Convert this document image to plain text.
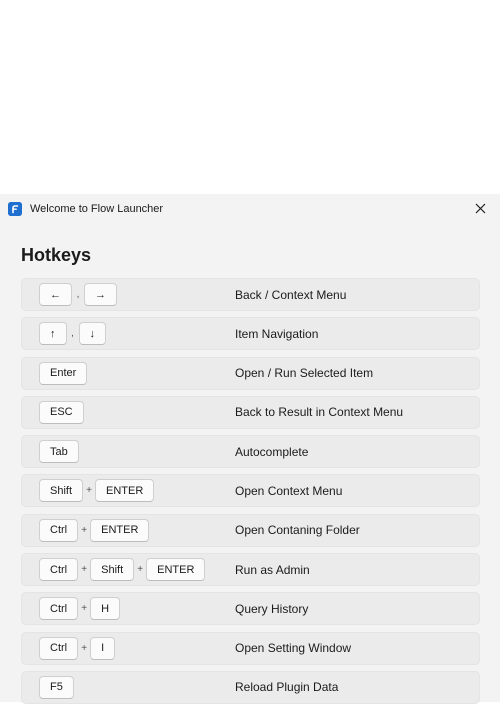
Welcome to Flow Launcher
Hotkeys
←	,	→	Back / Context Menu
↑	,	↓	Item Navigation
Enter	Open / Run Selected Item
ESC	Back to Result in Context Menu
Tab	Autocomplete
Shift	+	ENTER	Open Context Menu
Ctrl	+	ENTER	Open Contaning Folder
Ctrl	+	Shift	+	ENTER	Run as Admin
Ctrl	+	H	Query History
Ctrl	+	I	Open Setting Window
F5	Reload Plugin Data
